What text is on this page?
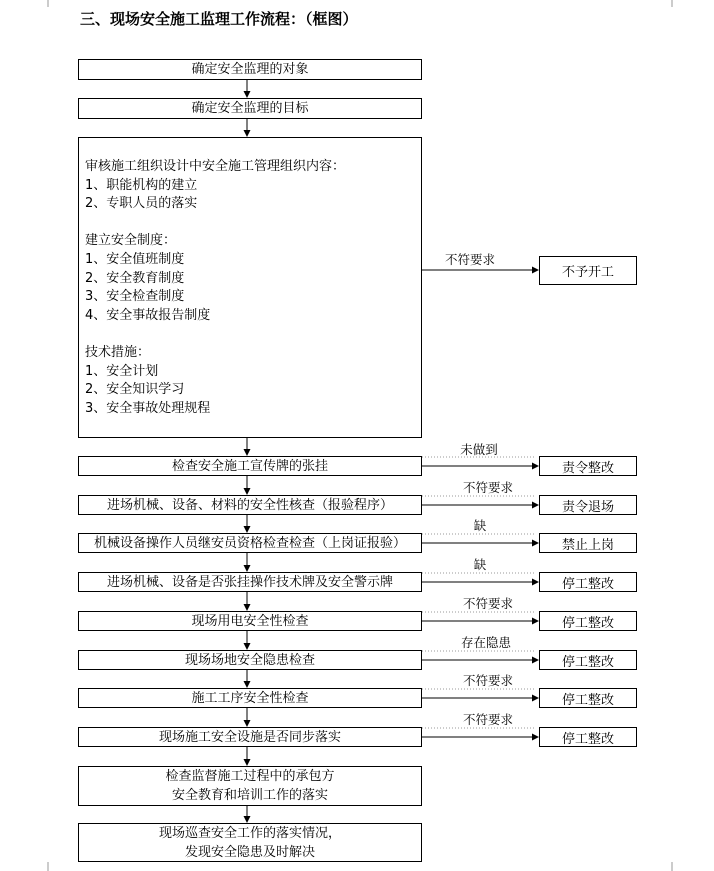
三、现场安全施工监理工作流程：（框图）
确定安全监理的对象
确定安全监理的目标
审核施工组织设计中安全施工管理组织内容：
1、职能机构的建立
2、专职人员的落实
建立安全制度：
1、安全值班制度
2、安全教育制度
3、安全检查制度
4、安全事故报告制度
技术措施：
1、安全计划
2、安全知识学习
3、安全事故处理规程
不符要求
不予开工
检查安全施工宣传牌的张挂
进场机械、设备、材料的安全性核查（报验程序）
机械设备操作人员继安员资格检查检查（上岗证报验）
进场机械、设备是否张挂操作技术牌及安全警示牌
现场用电安全性检查
现场场地安全隐患检查
施工工序安全性检查
现场施工安全设施是否同步落实
未做到
不符要求
缺
缺
不符要求
存在隐患
不符要求
不符要求
责令整改
责令退场
禁止上岗
停工整改
停工整改
停工整改
停工整改
停工整改
检查监督施工过程中的承包方
安全教育和培训工作的落实
现场巡查安全工作的落实情况，
发现安全隐患及时解决
